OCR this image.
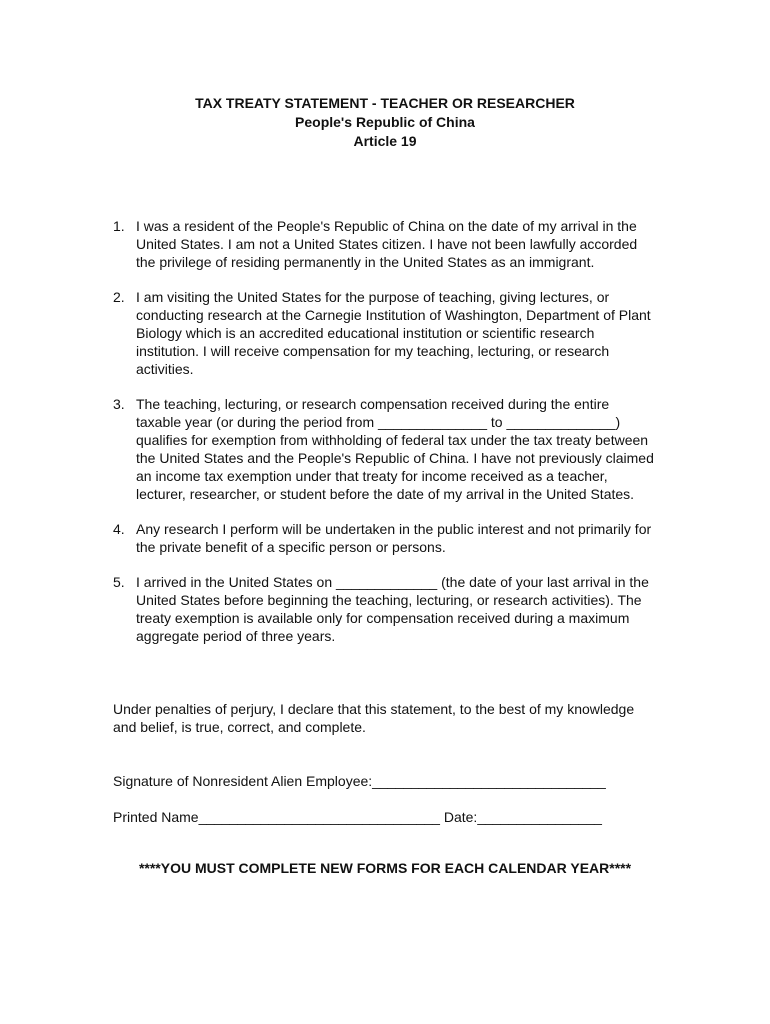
TAX TREATY STATEMENT - TEACHER OR RESEARCHER
People's Republic of China
Article 19
1. I was a resident of the People's Republic of China on the date of my arrival in the United States. I am not a United States citizen. I have not been lawfully accorded the privilege of residing permanently in the United States as an immigrant.
2. I am visiting the United States for the purpose of teaching, giving lectures, or conducting research at the Carnegie Institution of Washington, Department of Plant Biology which is an accredited educational institution or scientific research institution. I will receive compensation for my teaching, lecturing, or research activities.
3. The teaching, lecturing, or research compensation received during the entire taxable year (or during the period from ______________ to ______________) qualifies for exemption from withholding of federal tax under the tax treaty between the United States and the People's Republic of China. I have not previously claimed an income tax exemption under that treaty for income received as a teacher, lecturer, researcher, or student before the date of my arrival in the United States.
4. Any research I perform will be undertaken in the public interest and not primarily for the private benefit of a specific person or persons.
5. I arrived in the United States on _____________ (the date of your last arrival in the United States before beginning the teaching, lecturing, or research activities). The treaty exemption is available only for compensation received during a maximum aggregate period of three years.
Under penalties of perjury, I declare that this statement, to the best of my knowledge and belief, is true, correct, and complete.
Signature of Nonresident Alien Employee:______________________________
Printed Name_______________________________ Date:________________
****YOU MUST COMPLETE NEW FORMS FOR EACH CALENDAR YEAR****
